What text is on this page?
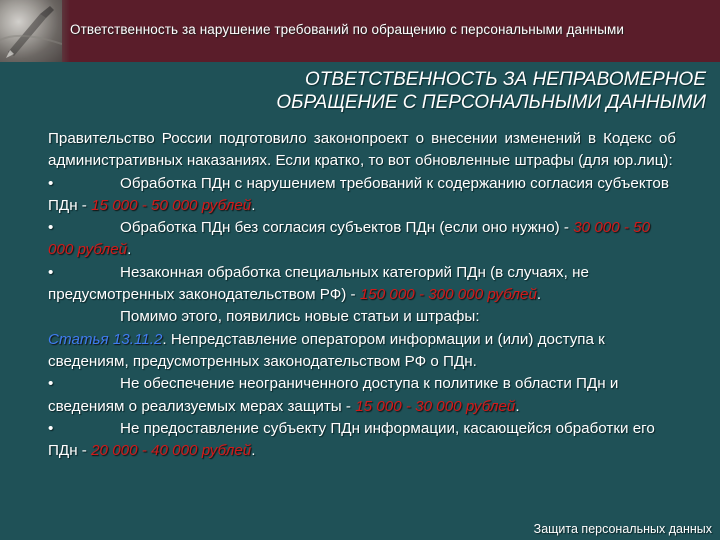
Ответственность за нарушение требований по обращению с персональными данными
ОТВЕТСТВЕННОСТЬ ЗА НЕПРАВОМЕРНОЕ
ОБРАЩЕНИЕ С ПЕРСОНАЛЬНЫМИ ДАННЫМИ

Правительство России подготовило законопроект о внесении изменений в Кодекс об административных наказаниях. Если кратко, то вот обновленные штрафы (для юр.лиц):

•	Обработка ПДн с нарушением требований к содержанию согласия субъектов ПДн - 15 000 - 50 000 рублей.

•	Обработка ПДн без согласия субъектов ПДн (если оно нужно) - 30 000 - 50 000 рублей.

•	Незаконная обработка специальных категорий ПДн (в случаях, не предусмотренных законодательством РФ) - 150 000 - 300 000 рублей.

Помимо этого, появились новые статьи и штрафы:

Статья 13.11.2. Непредставление оператором информации и (или) доступа к сведениям, предусмотренных законодательством РФ о ПДн.

•	Не обеспечение неограниченного доступа к политике в области ПДн и сведениям о реализуемых мерах защиты - 15 000 - 30 000 рублей.

•	Не предоставление субъекту ПДн информации, касающейся обработки его ПДн - 20 000 - 40 000 рублей.

Защита персональных данных
